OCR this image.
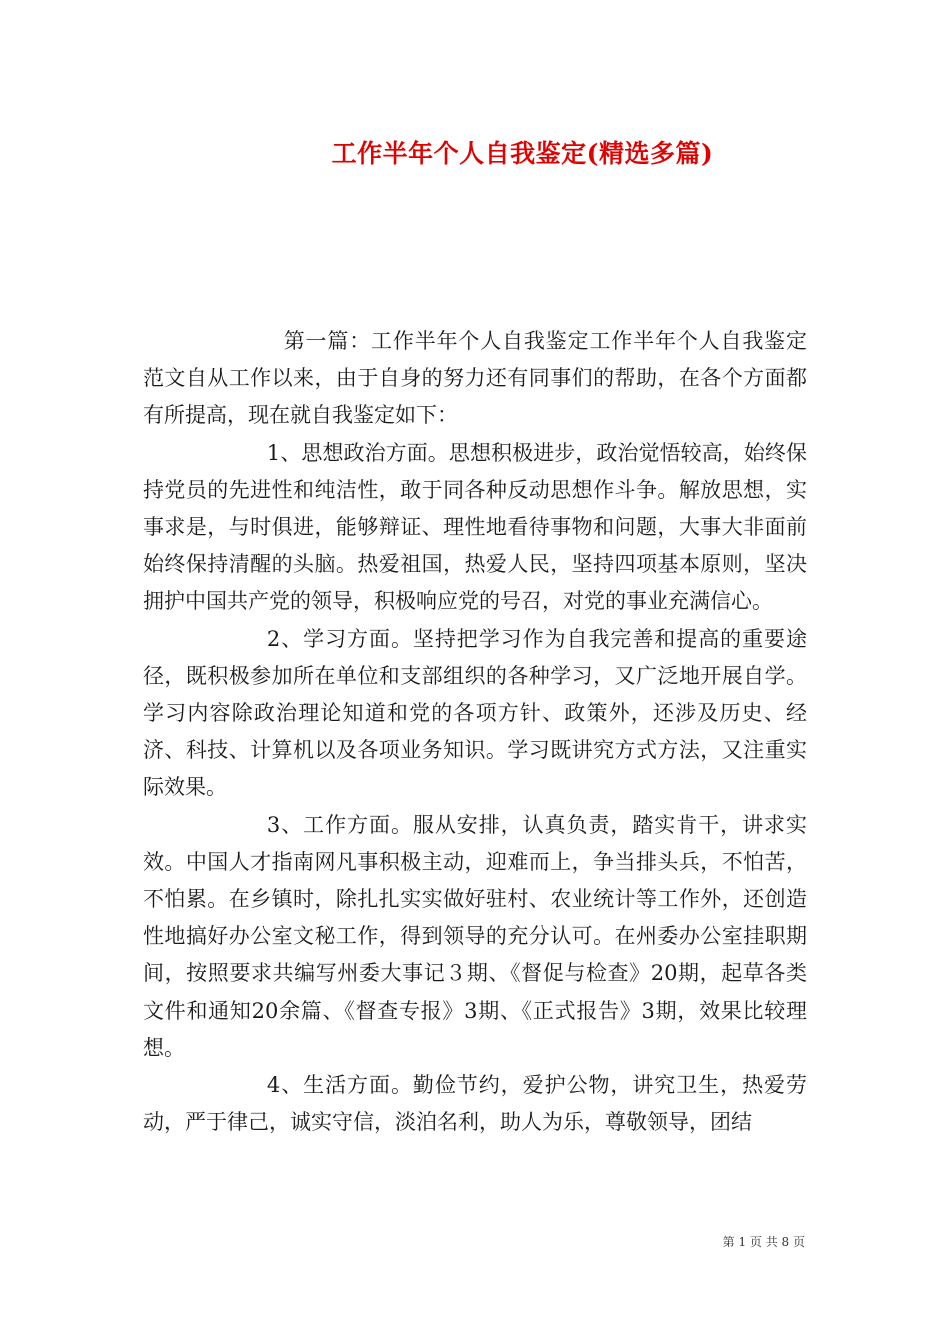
工作半年个人自我鉴定(精选多篇)

第一篇：工作半年个人自我鉴定工作半年个人自我鉴定范文自从工作以来，由于自身的努力还有同事们的帮助，在各个方面都有所提高，现在就自我鉴定如下：

1、思想政治方面。思想积极进步，政治觉悟较高，始终保持党员的先进性和纯洁性，敢于同各种反动思想作斗争。解放思想，实事求是，与时俱进，能够辩证、理性地看待事物和问题，大事大非面前始终保持清醒的头脑。热爱祖国，热爱人民，坚持四项基本原则，坚决拥护中国共产党的领导，积极响应党的号召，对党的事业充满信心。

2、学习方面。坚持把学习作为自我完善和提高的重要途径，既积极参加所在单位和支部组织的各种学习，又广泛地开展自学。学习内容除政治理论知道和党的各项方针、政策外，还涉及历史、经济、科技、计算机以及各项业务知识。学习既讲究方式方法，又注重实际效果。

3、工作方面。服从安排，认真负责，踏实肯干，讲求实效。中国人才指南网凡事积极主动，迎难而上，争当排头兵，不怕苦，不怕累。在乡镇时，除扎扎实实做好驻村、农业统计等工作外，还创造性地搞好办公室文秘工作，得到领导的充分认可。在州委办公室挂职期间，按照要求共编写州委大事记３期、《督促与检查》20期，起草各类文件和通知20余篇、《督查专报》3期、《正式报告》3期，效果比较理想。

4、生活方面。勤俭节约，爱护公物，讲究卫生，热爱劳动，严于律己，诚实守信，淡泊名利，助人为乐，尊敬领导，团结

第 1 页 共 8 页
